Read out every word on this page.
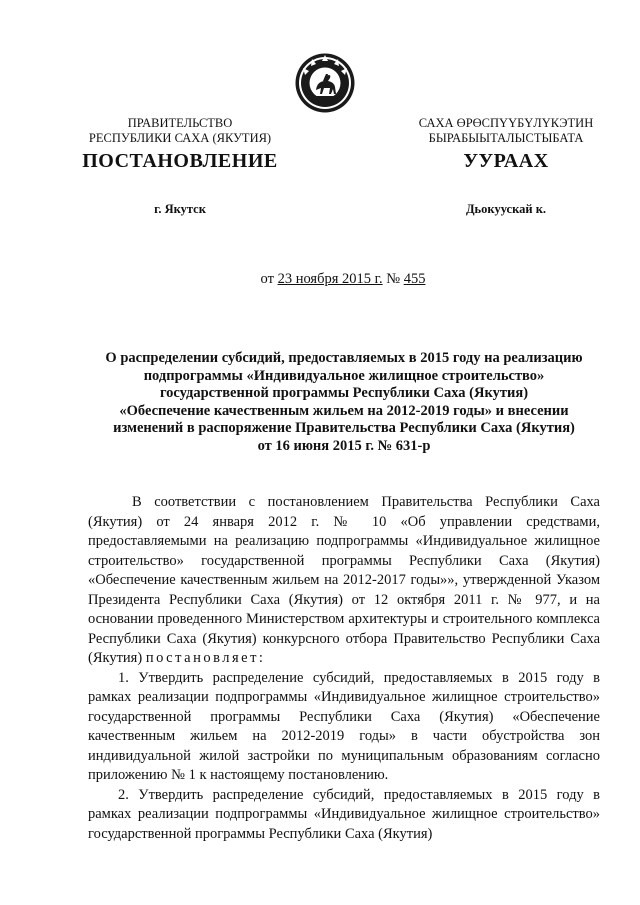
ПРАВИТЕЛЬСТВО
РЕСПУБЛИКИ САХА (ЯКУТИЯ)
САХА ӨРӨСПҮҮБҮЛҮКЭТИН
БЫРАБЫЫТАЛЫСТЫБАТА
ПОСТАНОВЛЕНИЕ	УУРААХ
г. Якутск	Дьокуускай к.
от 23 ноября 2015 г. № 455
О распределении субсидий, предоставляемых в 2015 году на реализацию
подпрограммы «Индивидуальное жилищное строительство»
государственной программы Республики Саха (Якутия)
«Обеспечение качественным жильем на 2012-2019 годы» и внесении
изменений в распоряжение Правительства Республики Саха (Якутия)
от 16 июня 2015 г. № 631-р

В соответствии с постановлением Правительства Республики Саха (Якутия) от 24 января 2012 г. № 10 «Об управлении средствами, предоставляемыми на реализацию подпрограммы «Индивидуальное жилищное строительство» государственной программы Республики Саха (Якутия) «Обеспечение качественным жильем на 2012-2017 годы»», утвержденной Указом Президента Республики Саха (Якутия) от 12 октября 2011 г. № 977, и на основании проведенного Министерством архитектуры и строительного комплекса Республики Саха (Якутия) конкурсного отбора Правительство Республики Саха (Якутия) постановляет:

1. Утвердить распределение субсидий, предоставляемых в 2015 году в рамках реализации подпрограммы «Индивидуальное жилищное строительство» государственной программы Республики Саха (Якутия) «Обеспечение качественным жильем на 2012-2019 годы» в части обустройства зон индивидуальной жилой застройки по муниципальным образованиям согласно приложению № 1 к настоящему постановлению.

2. Утвердить распределение субсидий, предоставляемых в 2015 году в рамках реализации подпрограммы «Индивидуальное жилищное строительство» государственной программы Республики Саха (Якутия)
